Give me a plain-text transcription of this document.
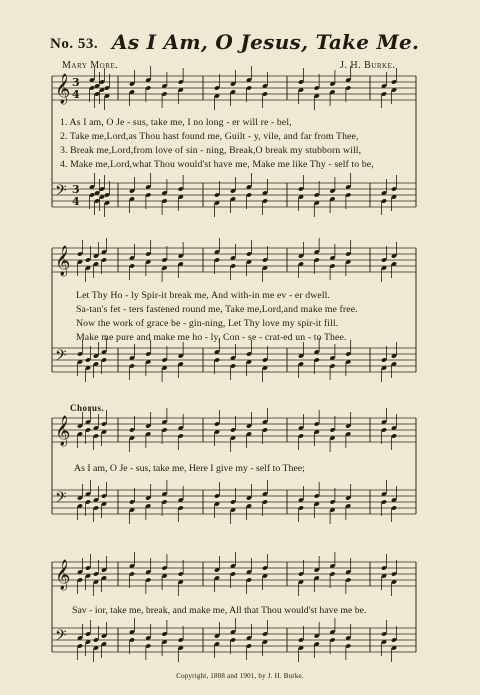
No. 53. As I Am, O Jesus, Take Me.
Mary More.	J. H. Burke.
𝄞 3
4
𝄢 3
4
𝄞
𝄢
𝄞
𝄢
𝄞
𝄢
1. As I am, O Je - sus, take me, I no long - er will re - bel,
2. Take me,Lord,as Thou hast found me, Guilt - y, vile, and far from Thee,
3. Break me,Lord,from love of sin - ning, Break,O break my stubborn will,
4. Make me,Lord,what Thou would'st have me, Make me like Thy - self to be,
Let Thy Ho - ly Spir-it break me, And with-in me ev - er dwell.
Sa-tan's fet - ters fastened round me, Take me,Lord,and make me free.
Now the work of grace be - gin-ning, Let Thy love my spir-it fill.
Make me pure and make me ho - ly, Con - se - crat-ed un - to Thee.
Chorus.
As I am, O Je - sus, take me, Here I give my - self to Thee;
Sav - ior, take me, break, and make me, All that Thou would'st have me be.
Copyright, 1888 and 1901, by J. H. Burke.
